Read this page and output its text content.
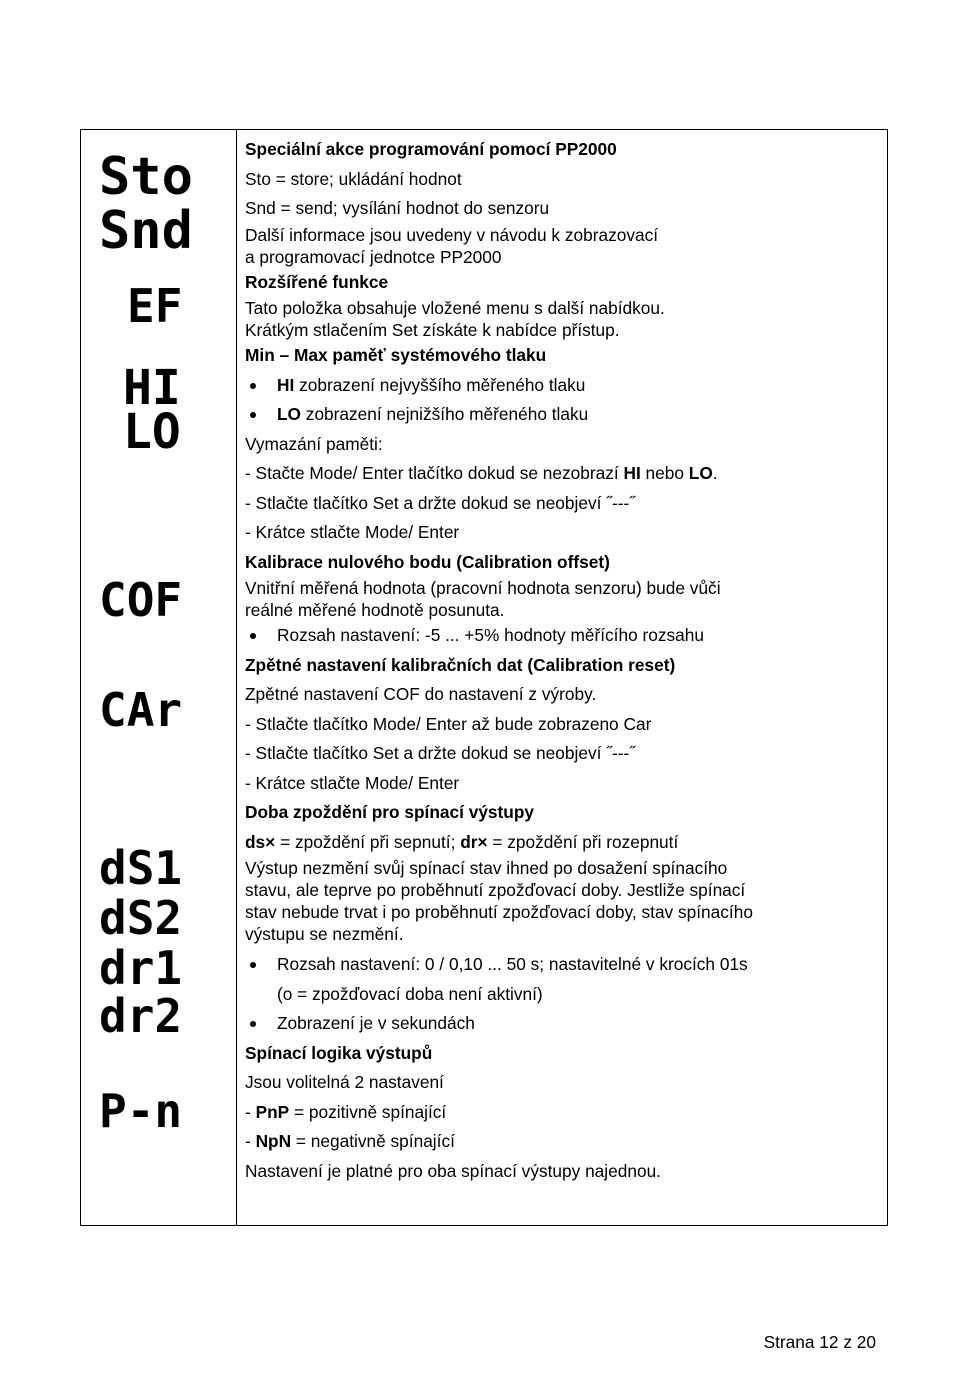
Sto
Snd
EF
HI
LO
COF
CAr
dS1
dS2
dr1
dr2
P-n

Speciální akce programování pomocí PP2000

Sto = store; ukládání hodnot

Snd = send; vysílání hodnot do senzoru

Další informace jsou uvedeny v návodu k zobrazovací

a programovací jednotce PP2000

Rozšířené funkce

Tato položka obsahuje vložené menu s další nabídkou.

Krátkým stlačením Set získáte k nabídce přístup.

Min – Max paměť systémového tlaku

HI zobrazení nejvyššího měřeného tlaku

LO zobrazení nejnižšího měřeného tlaku

Vymazání paměti:

- Stačte Mode/ Enter tlačítko dokud se nezobrazí HI nebo LO.

- Stlačte tlačítko Set a držte dokud se neobjeví ˝---˝

- Krátce stlačte Mode/ Enter

Kalibrace nulového bodu (Calibration offset)

Vnitřní měřená hodnota (pracovní hodnota senzoru) bude vůči

reálné měřené hodnotě posunuta.

Rozsah nastavení: -5 ... +5% hodnoty měřícího rozsahu

Zpětné nastavení kalibračních dat (Calibration reset)

Zpětné nastavení COF do nastavení z výroby.

- Stlačte tlačítko Mode/ Enter až bude zobrazeno Car

- Stlačte tlačítko Set a držte dokud se neobjeví ˝---˝

- Krátce stlačte Mode/ Enter

Doba zpoždění pro spínací výstupy

ds× = zpoždění při sepnutí; dr× = zpoždění při rozepnutí

Výstup nezmění svůj spínací stav ihned po dosažení spínacího

stavu, ale teprve po proběhnutí zpožďovací doby. Jestliže spínací

stav nebude trvat i po proběhnutí zpožďovací doby, stav spínacího

výstupu se nezmění.

Rozsah nastavení: 0 / 0,10 ... 50 s; nastavitelné v krocích 01s

(o = zpožďovací doba není aktivní)

Zobrazení je v sekundách

Spínací logika výstupů

Jsou volitelná 2 nastavení

- PnP = pozitivně spínající

- NpN = negativně spínající

Nastavení je platné pro oba spínací výstupy najednou.

Strana 12 z 20
